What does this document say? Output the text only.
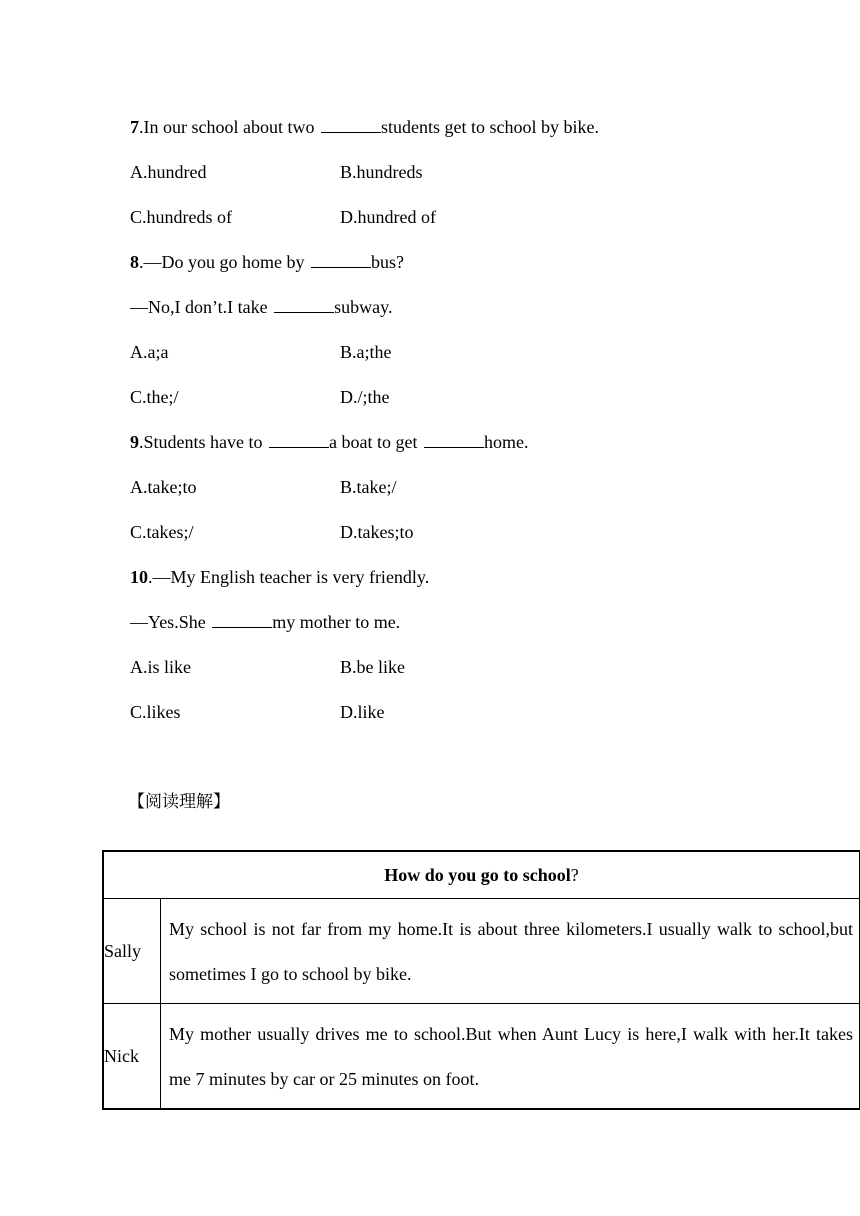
7.In our school about two	students get to school by bike.
A.hundred	B.hundreds
C.hundreds of	D.hundred of
8.—Do you go home by	bus?
—No,I don’t.I take	subway.
A.a;a	B.a;the
C.the;/	D./;the
9.Students have to	a boat to get	home.
A.take;to	B.take;/
C.takes;/	D.takes;to
10.—My English teacher is very friendly.
—Yes.She	my mother to me.
A.is like	B.be like
C.likes	D.like
【阅读理解】
How do you go to school?	
Sally	My school is not far from my home.It is about three kilometers.I usually walk to school,but sometimes I go to school by bike.
Nick	My mother usually drives me to school.But when Aunt Lucy is here,I walk with her.It takes me 7 minutes by car or 25 minutes on foot.
